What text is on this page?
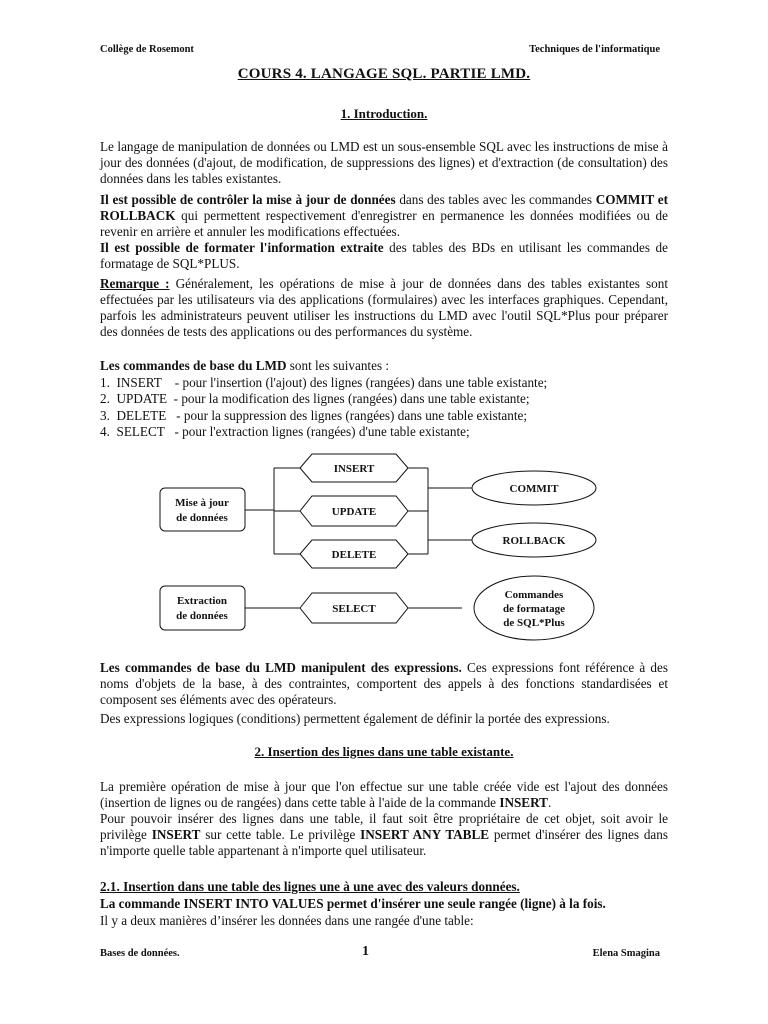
Collège de Rosemont	Techniques de l'informatique
COURS 4. LANGAGE SQL. PARTIE LMD.
1. Introduction.

Le langage de manipulation de données ou LMD est un sous-ensemble SQL avec les instructions de mise à jour des données (d'ajout, de modification, de suppressions des lignes) et d'extraction (de consultation) des données dans les tables existantes.

Il est possible de contrôler la mise à jour de données dans des tables avec les commandes COMMIT et ROLLBACK qui permettent respectivement d'enregistrer en permanence les données modifiées ou de revenir en arrière et annuler les modifications effectuées.

Il est possible de formater l'information extraite des tables des BDs en utilisant les commandes de formatage de SQL*PLUS.

Remarque : Généralement, les opérations de mise à jour de données dans des tables existantes sont effectuées par les utilisateurs via des applications (formulaires) avec les interfaces graphiques. Cependant, parfois les administrateurs peuvent utiliser les instructions du LMD avec l'outil SQL*Plus pour préparer des données de tests des applications ou des performances du système.

Les commandes de base du LMD sont les suivantes :

1.  INSERT    - pour l'insertion (l'ajout) des lignes (rangées) dans une table existante;
2.  UPDATE  - pour la modification des lignes (rangées) dans une table existante;
3.  DELETE   - pour la suppression des lignes (rangées) dans une table existante;
4.  SELECT   - pour l'extraction lignes (rangées) d'une table existante;
Mise à jour
de données
Extraction
de données
INSERT
UPDATE
DELETE
SELECT
COMMIT
ROLLBACK
Commandes
de formatage
de SQL*Plus

Les commandes de base du LMD manipulent des expressions. Ces expressions font référence à des noms d'objets de la base, à des contraintes, comportent des appels à des fonctions standardisées et composent ses éléments avec des opérateurs.

Des expressions logiques (conditions) permettent également de définir la portée des expressions.

2. Insertion des lignes dans une table existante.

La première opération de mise à jour que l'on effectue sur une table créée vide est l'ajout des données (insertion de lignes ou de rangées) dans cette table à l'aide de la commande INSERT.

Pour pouvoir insérer des lignes dans une table, il faut soit être propriétaire de cet objet, soit avoir le privilège INSERT sur cette table. Le privilège INSERT ANY TABLE permet d'insérer des lignes dans n'importe quelle table appartenant à n'importe quel utilisateur.

2.1. Insertion dans une table des lignes une à une avec des valeurs données.

La commande INSERT INTO VALUES permet d'insérer une seule rangée (ligne) à la fois.

Il y a deux manières d’insérer les données dans une rangée d'une table:

Bases de données.	1	Elena Smagina
